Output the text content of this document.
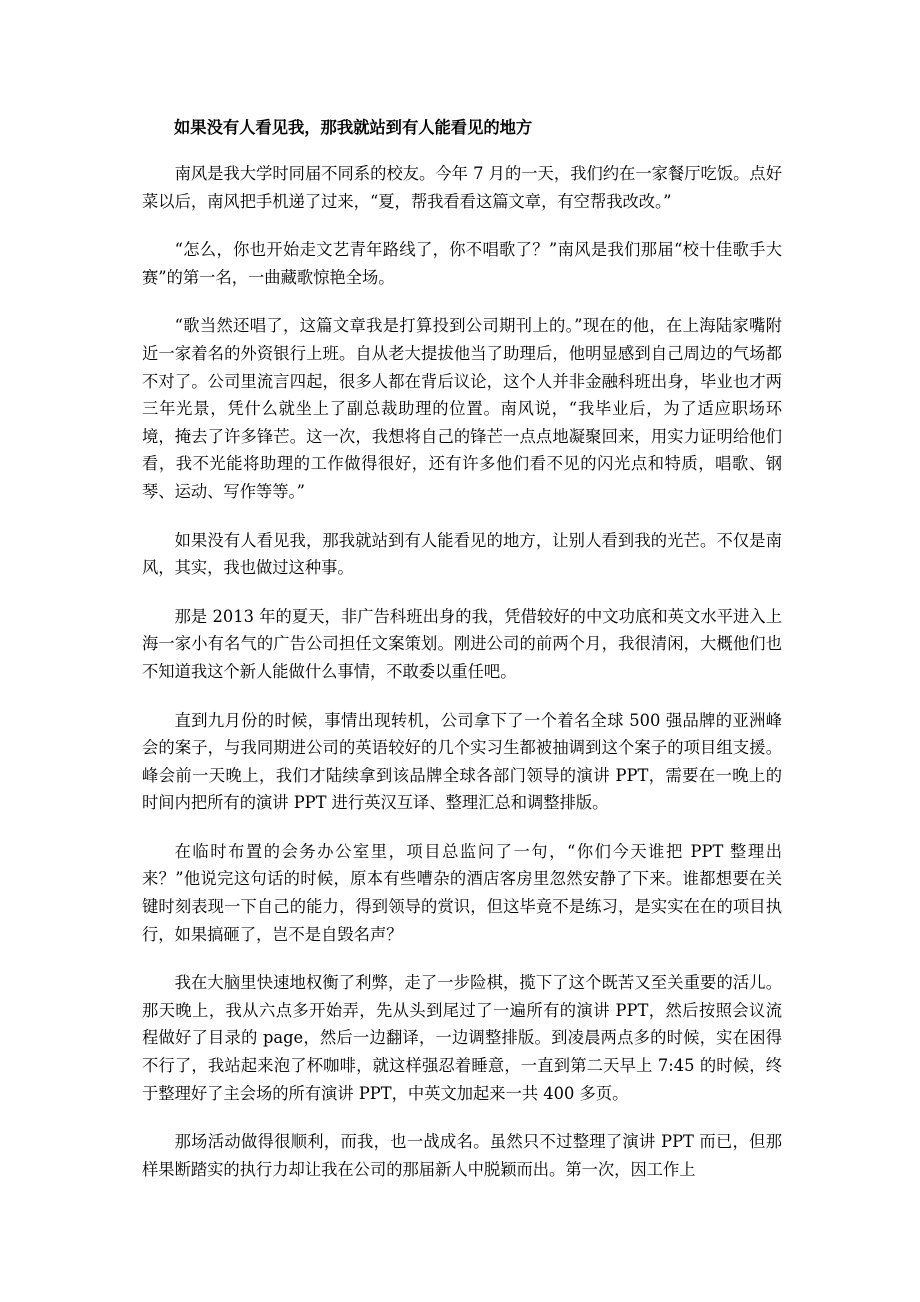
如果没有人看见我，那我就站到有人能看见的地方

南风是我大学时同届不同系的校友。今年 7 月的一天，我们约在一家餐厅吃饭。点好菜以后，南风把手机递了过来，“夏，帮我看看这篇文章，有空帮我改改。”

“怎么，你也开始走文艺青年路线了，你不唱歌了？”南风是我们那届“校十佳歌手大赛”的第一名，一曲藏歌惊艳全场。

“歌当然还唱了，这篇文章我是打算投到公司期刊上的。”现在的他，在上海陆家嘴附近一家着名的外资银行上班。自从老大提拔他当了助理后，他明显感到自己周边的气场都不对了。公司里流言四起，很多人都在背后议论，这个人并非金融科班出身，毕业也才两三年光景，凭什么就坐上了副总裁助理的位置。南风说，“我毕业后，为了适应职场环境，掩去了许多锋芒。这一次，我想将自己的锋芒一点点地凝聚回来，用实力证明给他们看，我不光能将助理的工作做得很好，还有许多他们看不见的闪光点和特质，唱歌、钢琴、运动、写作等等。”

如果没有人看见我，那我就站到有人能看见的地方，让别人看到我的光芒。不仅是南风，其实，我也做过这种事。

那是 2013 年的夏天，非广告科班出身的我，凭借较好的中文功底和英文水平进入上海一家小有名气的广告公司担任文案策划。刚进公司的前两个月，我很清闲，大概他们也不知道我这个新人能做什么事情，不敢委以重任吧。

直到九月份的时候，事情出现转机，公司拿下了一个着名全球 500 强品牌的亚洲峰会的案子，与我同期进公司的英语较好的几个实习生都被抽调到这个案子的项目组支援。峰会前一天晚上，我们才陆续拿到该品牌全球各部门领导的演讲 PPT，需要在一晚上的时间内把所有的演讲 PPT 进行英汉互译、整理汇总和调整排版。

在临时布置的会务办公室里，项目总监问了一句，“你们今天谁把 PPT 整理出来？”他说完这句话的时候，原本有些嘈杂的酒店客房里忽然安静了下来。谁都想要在关键时刻表现一下自己的能力，得到领导的赏识，但这毕竟不是练习，是实实在在的项目执行，如果搞砸了，岂不是自毁名声？

我在大脑里快速地权衡了利弊，走了一步险棋，揽下了这个既苦又至关重要的活儿。那天晚上，我从六点多开始弄，先从头到尾过了一遍所有的演讲 PPT，然后按照会议流程做好了目录的 page，然后一边翻译，一边调整排版。到凌晨两点多的时候，实在困得不行了，我站起来泡了杯咖啡，就这样强忍着睡意，一直到第二天早上 7:45 的时候，终于整理好了主会场的所有演讲 PPT，中英文加起来一共 400 多页。

那场活动做得很顺利，而我，也一战成名。虽然只不过整理了演讲 PPT 而已，但那样果断踏实的执行力却让我在公司的那届新人中脱颖而出。第一次，因工作上
